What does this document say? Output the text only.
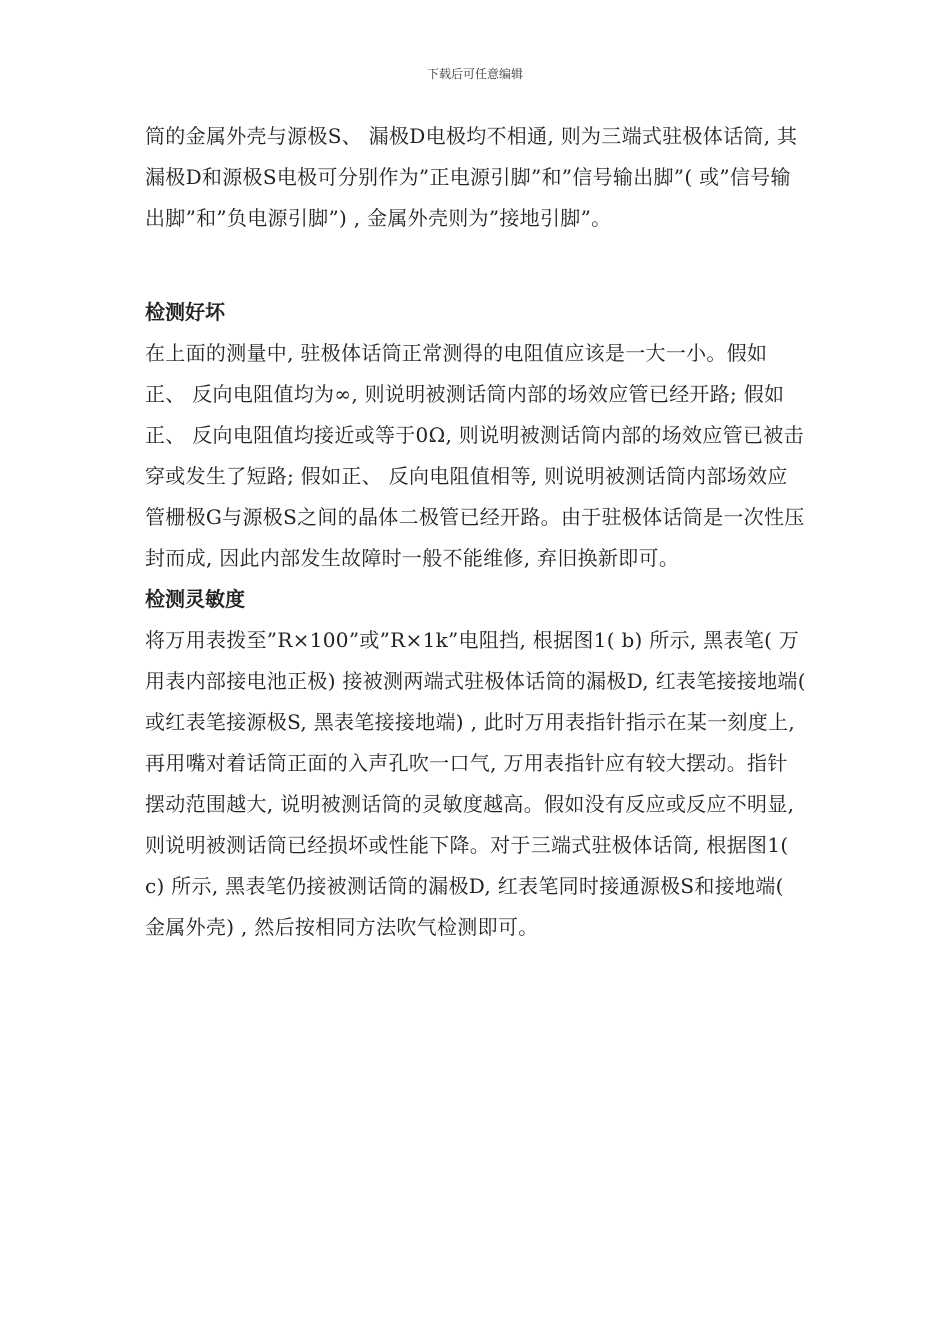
下载后可任意编辑

筒的金属外壳与源极S、 漏极D电极均不相通, 则为三端式驻极体话筒, 其漏极D和源极S电极可分别作为”正电源引脚”和”信号输出脚”( 或”信号输出脚”和”负电源引脚”) , 金属外壳则为”接地引脚”。

检测好坏

在上面的测量中, 驻极体话筒正常测得的电阻值应该是一大一小。假如正、 反向电阻值均为∞, 则说明被测话筒内部的场效应管已经开路; 假如正、 反向电阻值均接近或等于0Ω, 则说明被测话筒内部的场效应管已被击穿或发生了短路; 假如正、 反向电阻值相等, 则说明被测话筒内部场效应管栅极G与源极S之间的晶体二极管已经开路。由于驻极体话筒是一次性压封而成, 因此内部发生故障时一般不能维修, 弃旧换新即可。

检测灵敏度

将万用表拨至”R×100”或”R×1k”电阻挡, 根据图1( b) 所示, 黑表笔( 万用表内部接电池正极) 接被测两端式驻极体话筒的漏极D, 红表笔接接地端( 或红表笔接源极S, 黑表笔接接地端) , 此时万用表指针指示在某一刻度上, 再用嘴对着话筒正面的入声孔吹一口气, 万用表指针应有较大摆动。指针摆动范围越大, 说明被测话筒的灵敏度越高。假如没有反应或反应不明显, 则说明被测话筒已经损坏或性能下降。对于三端式驻极体话筒, 根据图1( c) 所示, 黑表笔仍接被测话筒的漏极D, 红表笔同时接通源极S和接地端( 金属外壳) , 然后按相同方法吹气检测即可。
